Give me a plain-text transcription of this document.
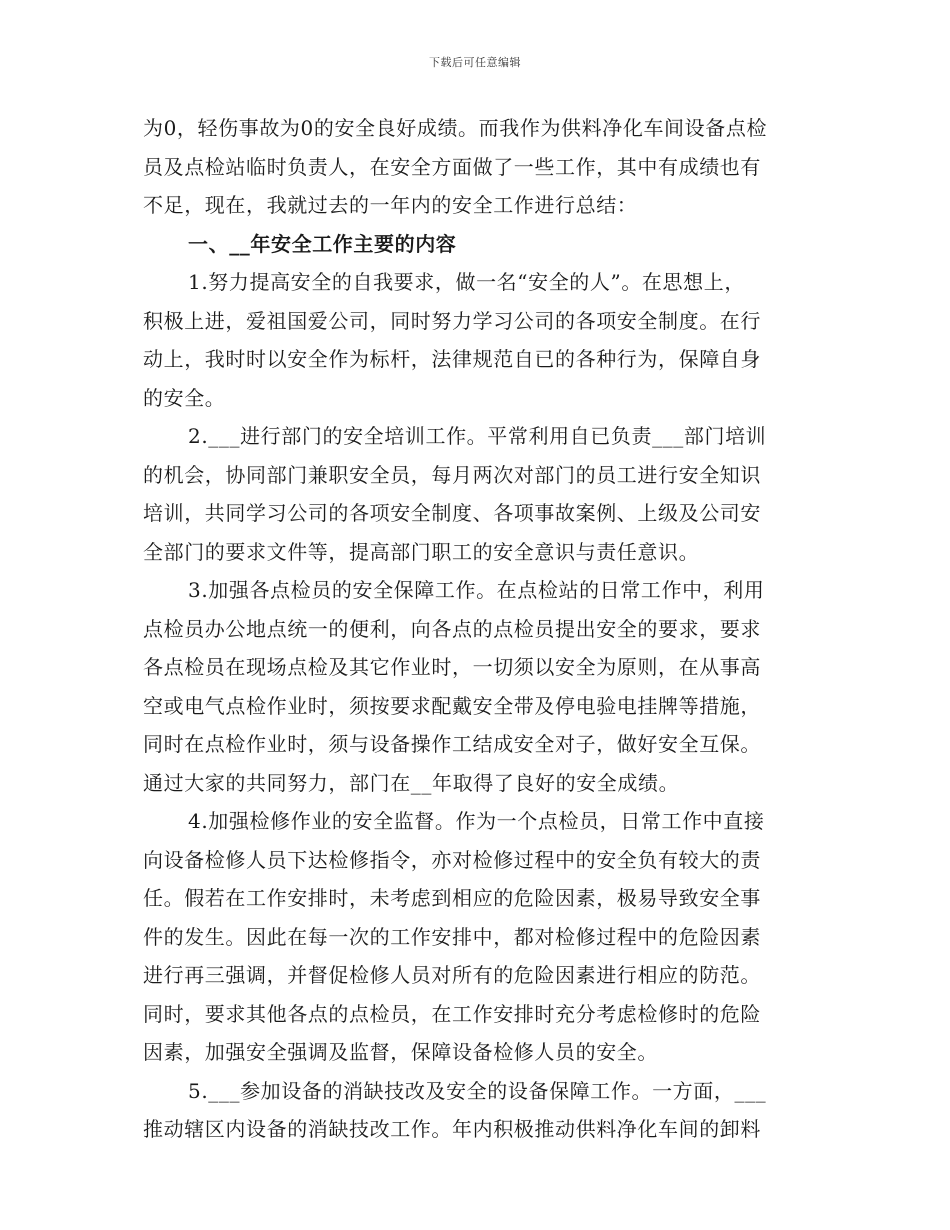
下载后可任意编辑
为0，轻伤事故为0的安全良好成绩。而我作为供料净化车间设备点检
员及点检站临时负责人，在安全方面做了一些工作，其中有成绩也有
不足，现在，我就过去的一年内的安全工作进行总结：
一、__年安全工作主要的内容
1.努力提高安全的自我要求，做一名“安全的人”。在思想上，
积极上进，爱祖国爱公司，同时努力学习公司的各项安全制度。在行
动上，我时时以安全作为标杆，法律规范自已的各种行为，保障自身
的安全。
2.___进行部门的安全培训工作。平常利用自已负责___部门培训
的机会，协同部门兼职安全员，每月两次对部门的员工进行安全知识
培训，共同学习公司的各项安全制度、各项事故案例、上级及公司安
全部门的要求文件等，提高部门职工的安全意识与责任意识。
3.加强各点检员的安全保障工作。在点检站的日常工作中，利用
点检员办公地点统一的便利，向各点的点检员提出安全的要求，要求
各点检员在现场点检及其它作业时，一切须以安全为原则，在从事高
空或电气点检作业时，须按要求配戴安全带及停电验电挂牌等措施，
同时在点检作业时，须与设备操作工结成安全对子，做好安全互保。
通过大家的共同努力，部门在__年取得了良好的安全成绩。
4.加强检修作业的安全监督。作为一个点检员，日常工作中直接
向设备检修人员下达检修指令，亦对检修过程中的安全负有较大的责
任。假若在工作安排时，未考虑到相应的危险因素，极易导致安全事
件的发生。因此在每一次的工作安排中，都对检修过程中的危险因素
进行再三强调，并督促检修人员对所有的危险因素进行相应的防范。
同时，要求其他各点的点检员，在工作安排时充分考虑检修时的危险
因素，加强安全强调及监督，保障设备检修人员的安全。
5.___参加设备的消缺技改及安全的设备保障工作。一方面，___
推动辖区内设备的消缺技改工作。年内积极推动供料净化车间的卸料
